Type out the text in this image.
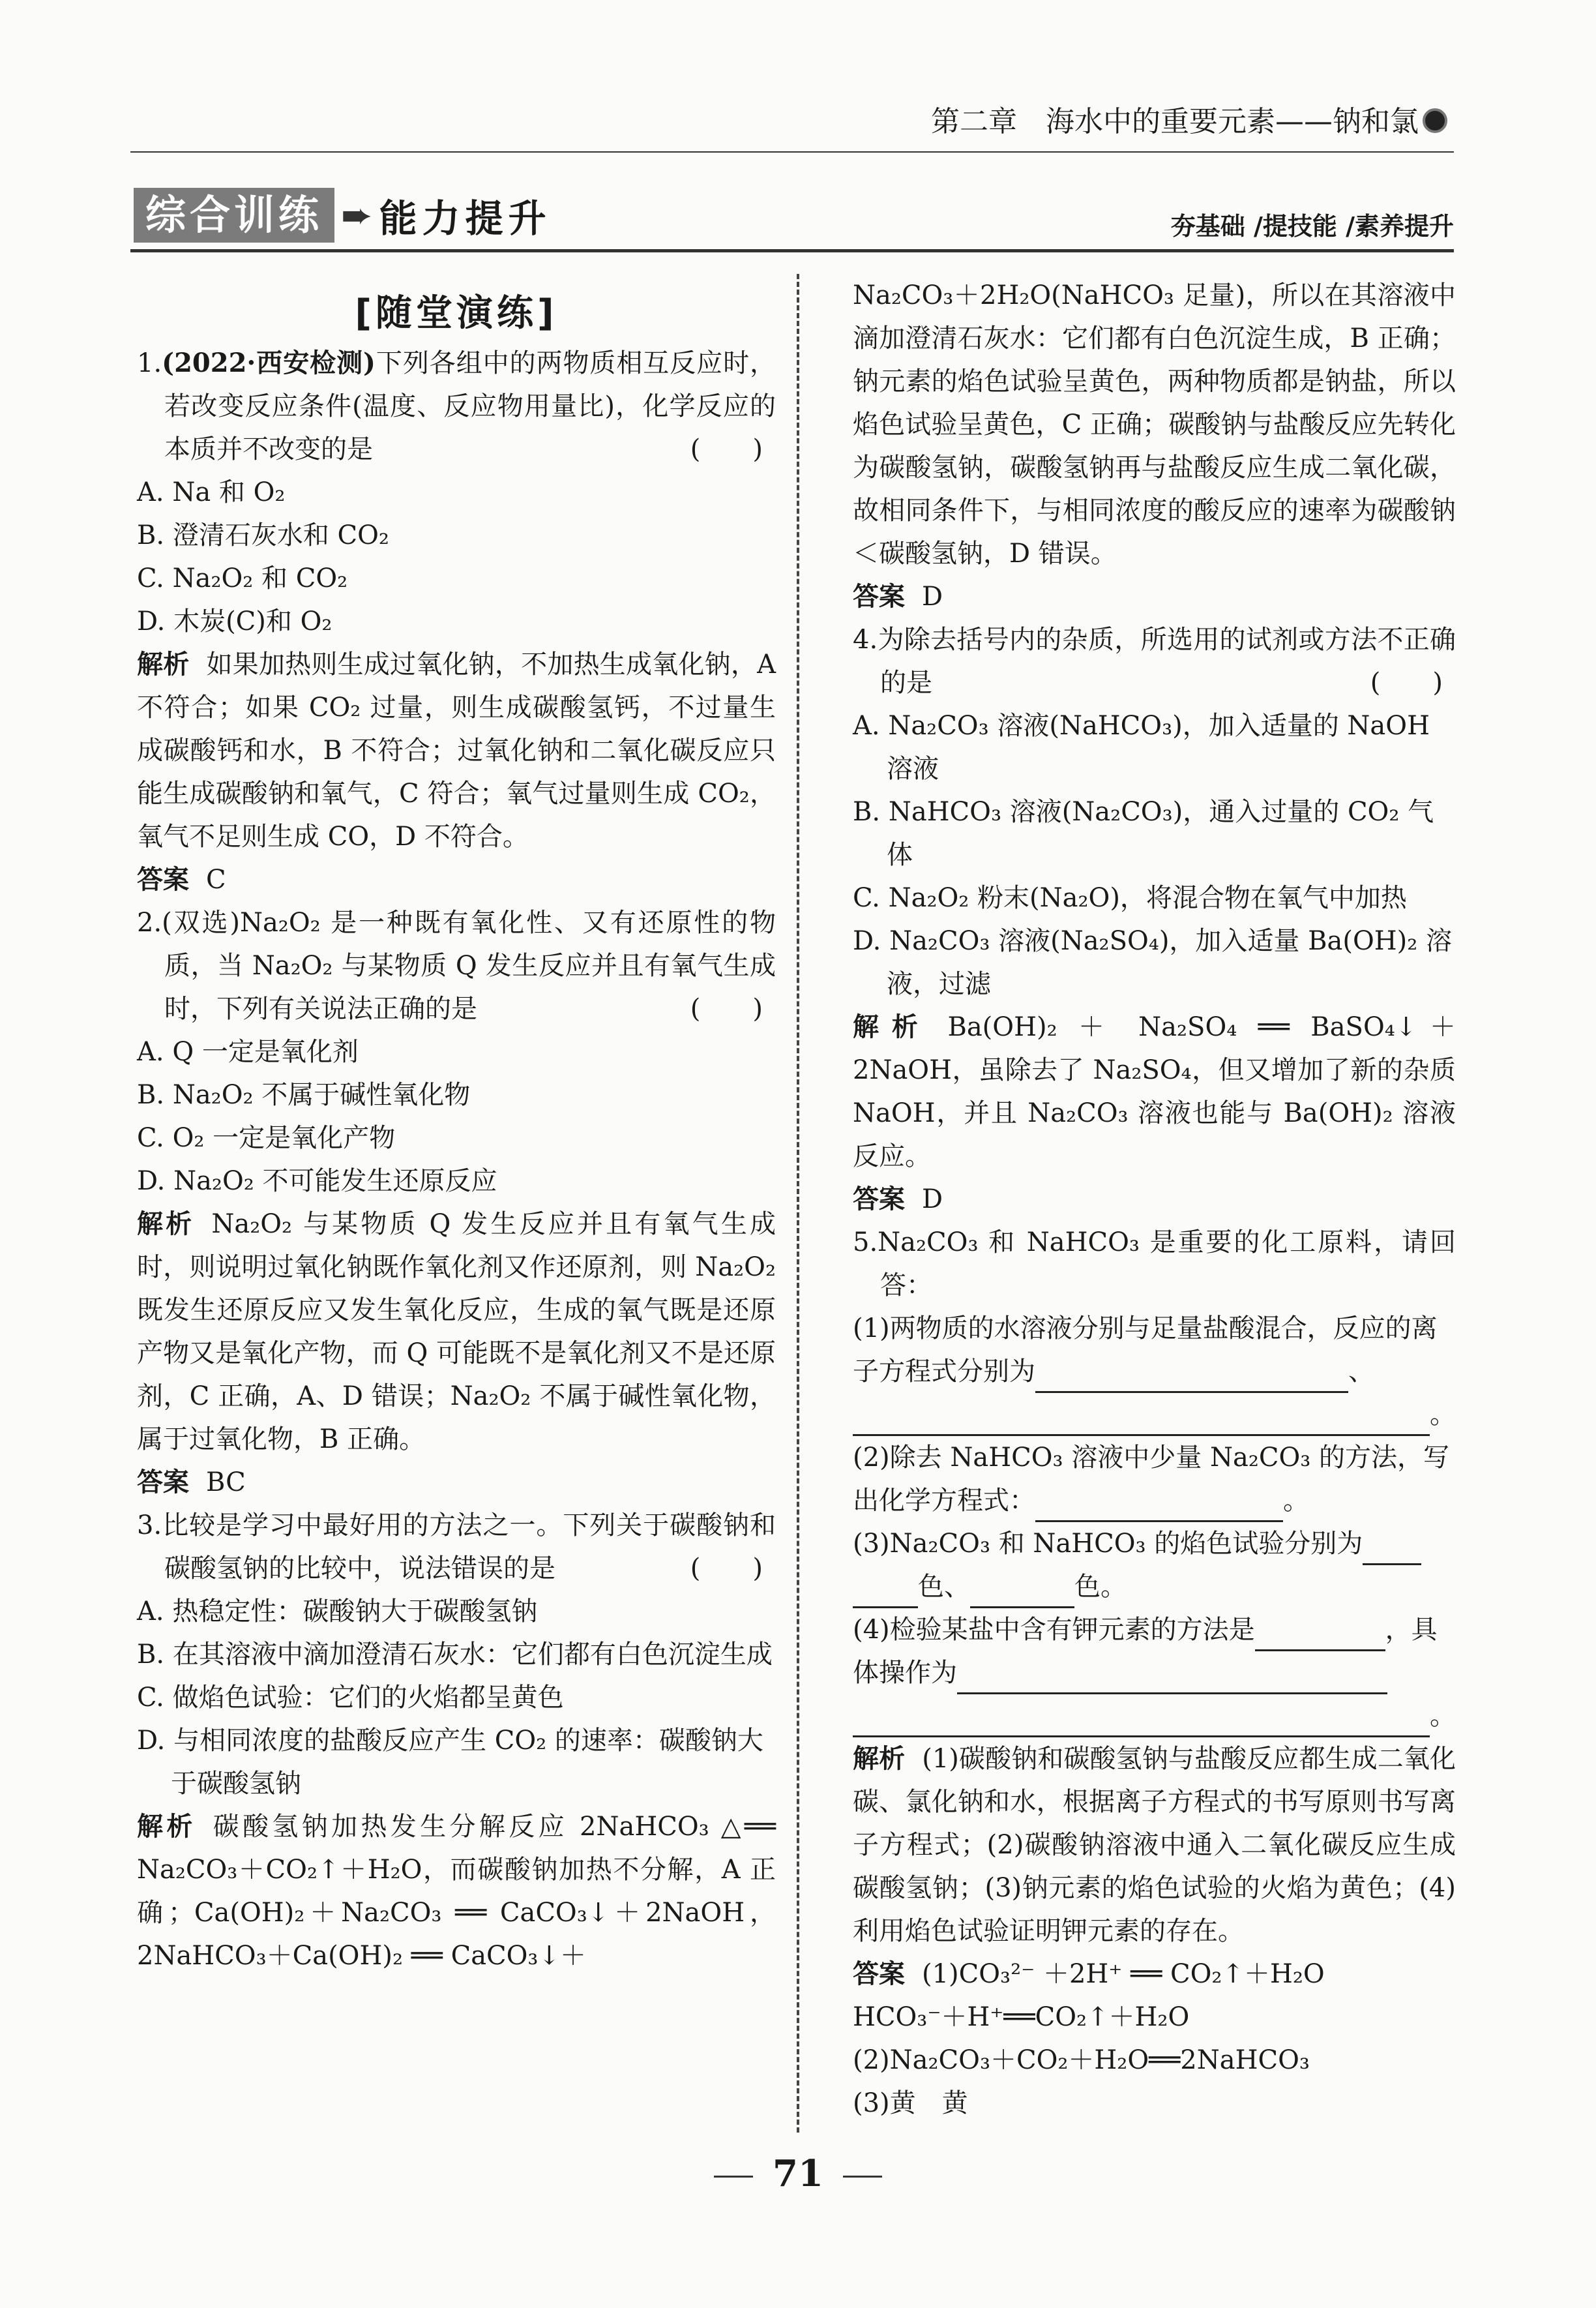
第二章　海水中的重要元素——钠和氯
综合训练 ➨ 能力提升	夯基础 /提技能 /素养提升
[随堂演练]
1.(2022·西安检测)下列各组中的两物质相互反应时，若改变反应条件(温度、反应物用量比)，化学反应的本质并不改变的是	(　　)
A. Na 和 O₂
B. 澄清石灰水和 CO₂
C. Na₂O₂ 和 CO₂
D. 木炭(C)和 O₂
解析 如果加热则生成过氧化钠，不加热生成氧化钠，A 不符合；如果 CO₂ 过量，则生成碳酸氢钙，不过量生成碳酸钙和水，B 不符合；过氧化钠和二氧化碳反应只能生成碳酸钠和氧气，C 符合；氧气过量则生成 CO₂，氧气不足则生成 CO，D 不符合。
答案 C
2.(双选)Na₂O₂ 是一种既有氧化性、又有还原性的物质，当 Na₂O₂ 与某物质 Q 发生反应并且有氧气生成时，下列有关说法正确的是	(　　)
A. Q 一定是氧化剂
B. Na₂O₂ 不属于碱性氧化物
C. O₂ 一定是氧化产物
D. Na₂O₂ 不可能发生还原反应
解析 Na₂O₂ 与某物质 Q 发生反应并且有氧气生成时，则说明过氧化钠既作氧化剂又作还原剂，则 Na₂O₂ 既发生还原反应又发生氧化反应，生成的氧气既是还原产物又是氧化产物，而 Q 可能既不是氧化剂又不是还原剂，C 正确，A、D 错误；Na₂O₂ 不属于碱性氧化物，属于过氧化物，B 正确。
答案 BC
3.比较是学习中最好用的方法之一。下列关于碳酸钠和碳酸氢钠的比较中，说法错误的是	(　　)
A. 热稳定性：碳酸钠大于碳酸氢钠
B. 在其溶液中滴加澄清石灰水：它们都有白色沉淀生成
C. 做焰色试验：它们的火焰都呈黄色
D. 与相同浓度的盐酸反应产生 CO₂ 的速率：碳酸钠大于碳酸氢钠
解析 碳酸氢钠加热发生分解反应 2NaHCO₃ △══ Na₂CO₃＋CO₂↑＋H₂O，而碳酸钠加热不分解，A 正确；Ca(OH)₂＋Na₂CO₃ ══ CaCO₃↓＋2NaOH，2NaHCO₃＋Ca(OH)₂ ══ CaCO₃↓＋
Na₂CO₃＋2H₂O(NaHCO₃ 足量)，所以在其溶液中滴加澄清石灰水：它们都有白色沉淀生成，B 正确；钠元素的焰色试验呈黄色，两种物质都是钠盐，所以焰色试验呈黄色，C 正确；碳酸钠与盐酸反应先转化为碳酸氢钠，碳酸氢钠再与盐酸反应生成二氧化碳，故相同条件下，与相同浓度的酸反应的速率为碳酸钠＜碳酸氢钠，D 错误。
答案 D
4.为除去括号内的杂质，所选用的试剂或方法不正确的是	(　　)
A. Na₂CO₃ 溶液(NaHCO₃)，加入适量的 NaOH 溶液
B. NaHCO₃ 溶液(Na₂CO₃)，通入过量的 CO₂ 气体
C. Na₂O₂ 粉末(Na₂O)，将混合物在氧气中加热
D. Na₂CO₃ 溶液(Na₂SO₄)，加入适量 Ba(OH)₂ 溶液，过滤
解析 Ba(OH)₂ ＋ Na₂SO₄ ══ BaSO₄↓＋2NaOH，虽除去了 Na₂SO₄，但又增加了新的杂质 NaOH，并且 Na₂CO₃ 溶液也能与 Ba(OH)₂ 溶液反应。
答案 D
5.Na₂CO₃ 和 NaHCO₃ 是重要的化工原料，请回答：
(1)两物质的水溶液分别与足量盐酸混合，反应的离子方程式分别为	、
。
(2)除去 NaHCO₃ 溶液中少量 Na₂CO₃ 的方法，写出化学方程式：	。
(3)Na₂CO₃ 和 NaHCO₃ 的焰色试验分别为
色、	色。
(4)检验某盐中含有钾元素的方法是	，具体操作为
。
解析 (1)碳酸钠和碳酸氢钠与盐酸反应都生成二氧化碳、氯化钠和水，根据离子方程式的书写原则书写离子方程式；(2)碳酸钠溶液中通入二氧化碳反应生成碳酸氢钠；(3)钠元素的焰色试验的火焰为黄色；(4)利用焰色试验证明钾元素的存在。
答案 (1)CO₃²⁻ ＋2H⁺ ══ CO₂↑＋H₂O
HCO₃⁻＋H⁺══CO₂↑＋H₂O
(2)Na₂CO₃＋CO₂＋H₂O══2NaHCO₃
(3)黄　黄
71
